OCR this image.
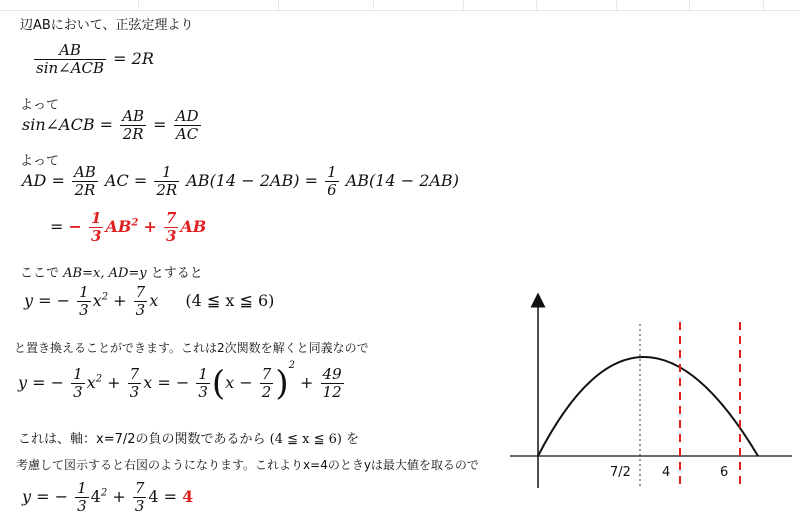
辺ABにおいて、正弦定理より
$\frac{AB}{\text{sin∠ACB}} = 2R$
よって
sin∠ACB = $\frac{AB}{2R} = \frac{AD}{AC}$
よって
AD = $\frac{AB}{2R}$ AC = $\frac{1}{2R} AB(14 - 2AB) = \frac{1}{6} AB(14 - 2AB)$
= − $\frac{1}{3} AB^2 + \frac{7}{3}$ AB
ここで AB=x, AD=y とすると
y = − $\frac{1}{3} x^2 + \frac{7}{3}$ x (4 ≦ x ≦ 6)
と置き換えることができます。これは2次関数を解くと同義なので
y = − $\frac{1}{3} x^2 + \frac{7}{3}$ x = − $\frac{1}{3} (x - \frac{7}{2} )^2 + \frac{49}{12}$
これは、軸：x=7/2の負の関数であるから (4 ≦ x ≦ 6) を
考慮して図示すると右図のようになります。これよりx=4のときyは最大値を取るので
y = − $\frac{1}{3} 4^2 + \frac{7}{3} 4 = 4$
7/2 4	6
